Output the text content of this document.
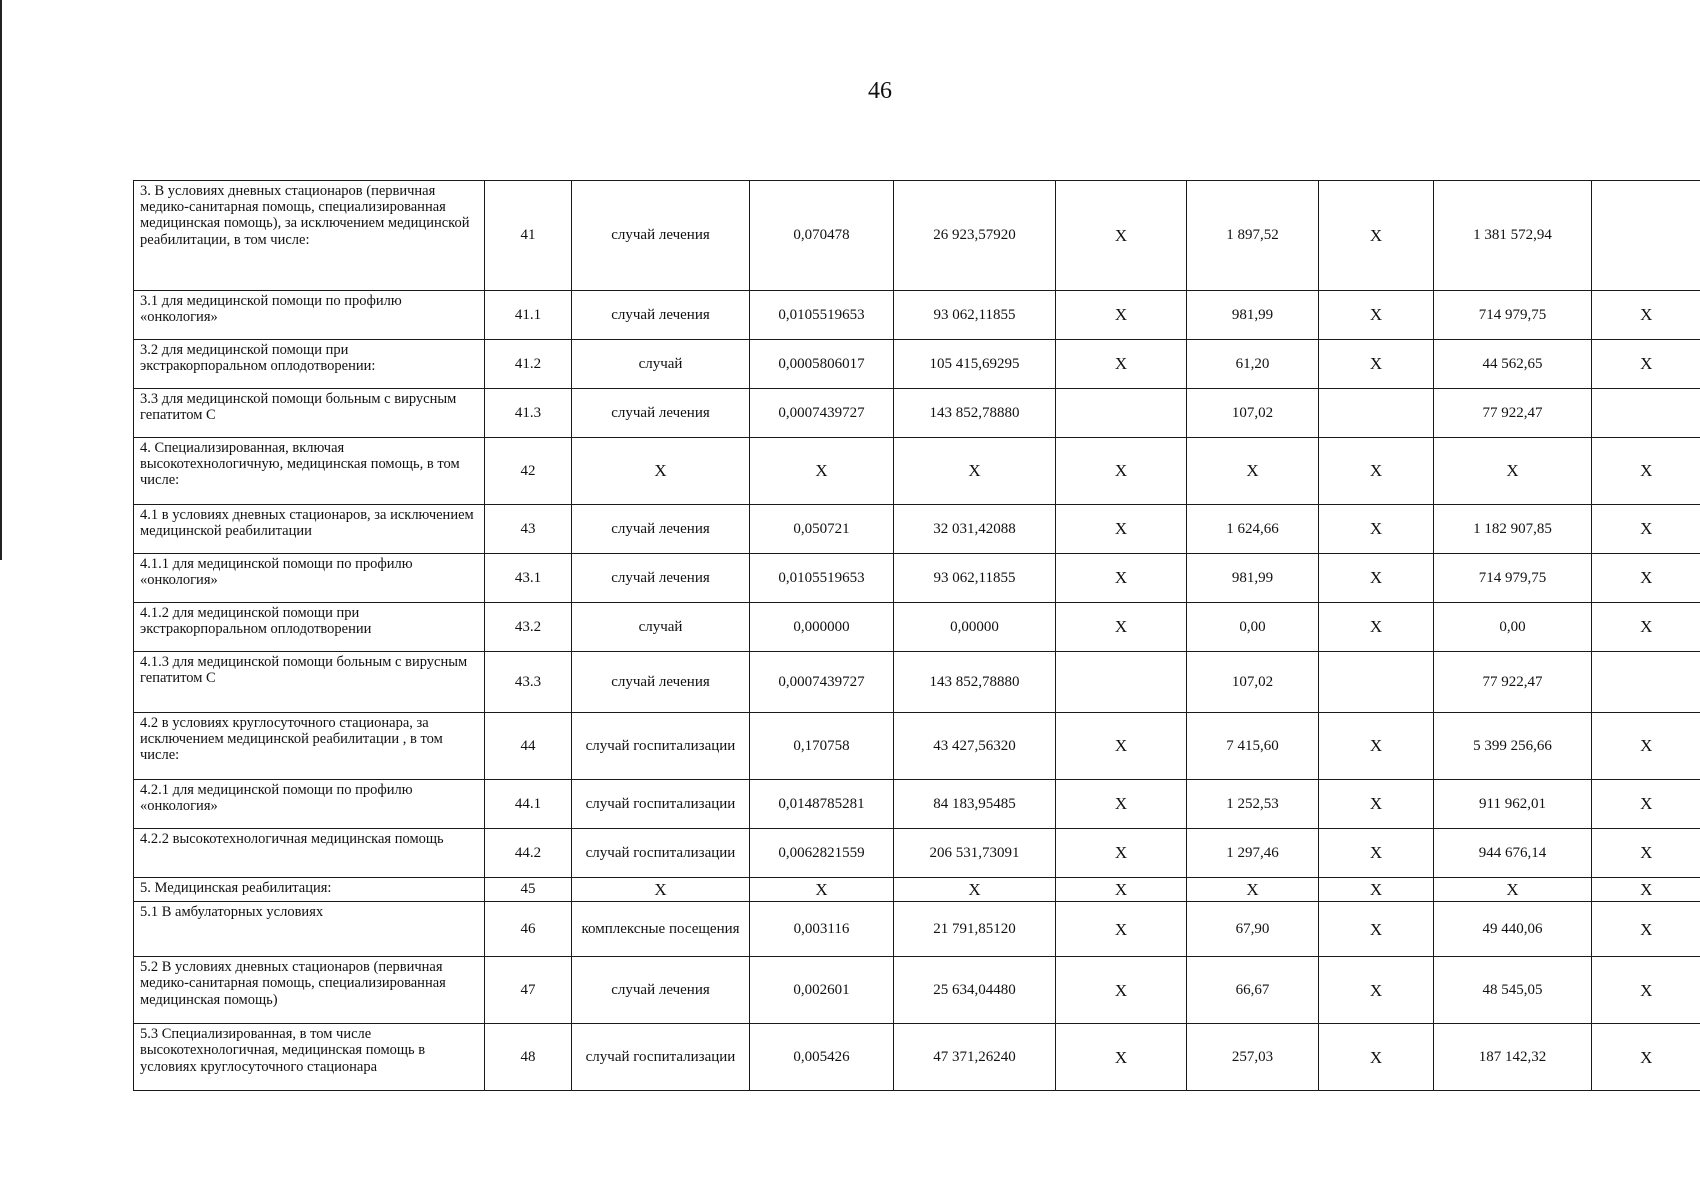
46
3. В условиях дневных стационаров (первичная медико-санитарная помощь, специализированная медицинская помощь), за исключением медицинской реабилитации, в том числе:	41	случай лечения	0,070478	26 923,57920	X	1 897,52	X	1 381 572,94	
3.1 для медицинской помощи по профилю «онкология»	41.1	случай лечения	0,0105519653	93 062,11855	X	981,99	X	714 979,75	X
3.2 для медицинской помощи при экстракорпоральном оплодотворении:	41.2	случай	0,0005806017	105 415,69295	X	61,20	X	44 562,65	X
3.3 для медицинской помощи больным с вирусным гепатитом С	41.3	случай лечения	0,0007439727	143 852,78880		107,02		77 922,47	
4. Специализированная, включая высокотехнологичную, медицинская помощь, в том числе:	42	X	X	X	X	X	X	X	X
4.1 в условиях дневных стационаров, за исключением медицинской реабилитации	43	случай лечения	0,050721	32 031,42088	X	1 624,66	X	1 182 907,85	X
4.1.1 для медицинской помощи по профилю «онкология»	43.1	случай лечения	0,0105519653	93 062,11855	X	981,99	X	714 979,75	X
4.1.2 для медицинской помощи при экстракорпоральном оплодотворении	43.2	случай	0,000000	0,00000	X	0,00	X	0,00	X
4.1.3 для медицинской помощи больным с вирусным гепатитом С	43.3	случай лечения	0,0007439727	143 852,78880		107,02		77 922,47	
4.2 в условиях круглосуточного стационара, за исключением медицинской реабилитации , в том числе:	44	случай госпитализации	0,170758	43 427,56320	X	7 415,60	X	5 399 256,66	X
4.2.1 для медицинской помощи по профилю «онкология»	44.1	случай госпитализации	0,0148785281	84 183,95485	X	1 252,53	X	911 962,01	X
4.2.2 высокотехнологичная медицинская помощь	44.2	случай госпитализации	0,0062821559	206 531,73091	X	1 297,46	X	944 676,14	X
5. Медицинская реабилитация:	45	X	X	X	X	X	X	X	X
5.1 В амбулаторных условиях	46	комплексные посещения	0,003116	21 791,85120	X	67,90	X	49 440,06	X
5.2 В условиях дневных стационаров (первичная медико-санитарная помощь, специализированная медицинская помощь)	47	случай лечения	0,002601	25 634,04480	X	66,67	X	48 545,05	X
5.3 Специализированная, в том числе высокотехнологичная, медицинская помощь в условиях круглосуточного стационара	48	случай госпитализации	0,005426	47 371,26240	X	257,03	X	187 142,32	X
